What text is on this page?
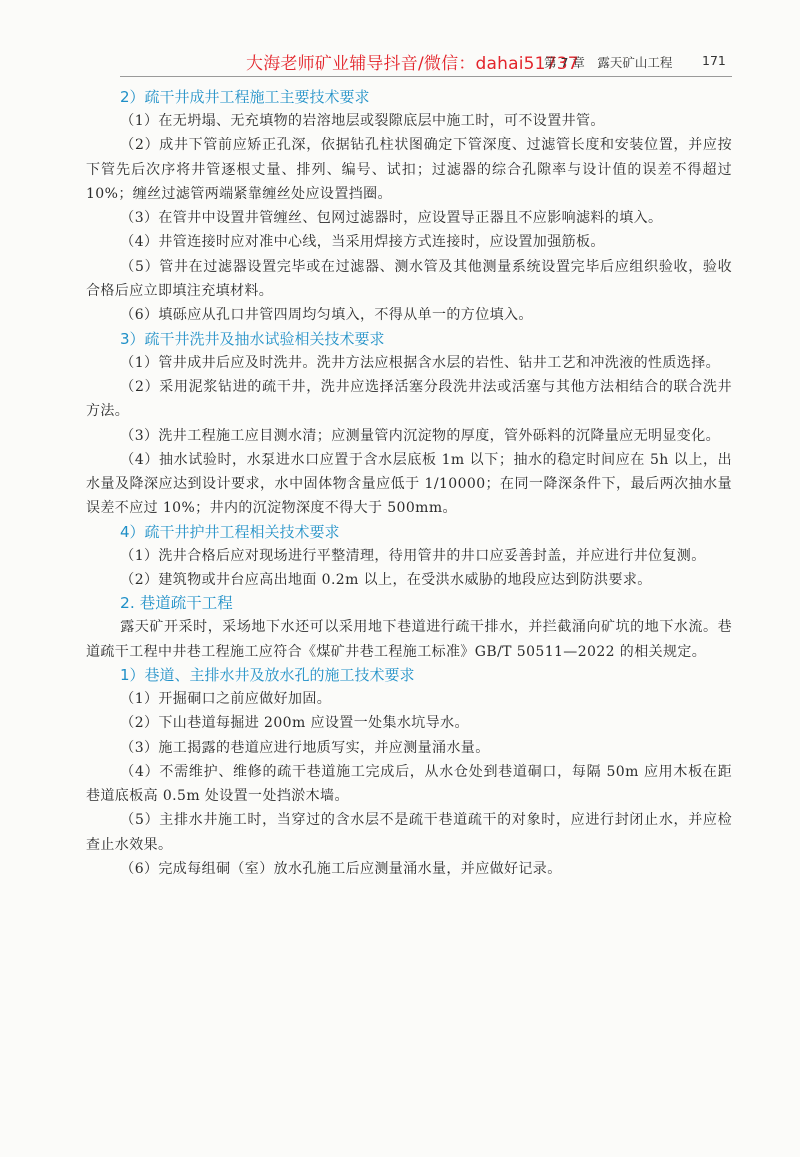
大海老师矿业辅导抖音/微信：dahai51737
第 7 章　露天矿山工程 171

2）疏干井成井工程施工主要技术要求

（1）在无坍塌、无充填物的岩溶地层或裂隙底层中施工时，可不设置井管。

（2）成井下管前应矫正孔深，依据钻孔柱状图确定下管深度、过滤管长度和安装位置，并应按下管先后次序将井管逐根丈量、排列、编号、试扣；过滤器的综合孔隙率与设计值的误差不得超过 10%；缠丝过滤管两端紧靠缠丝处应设置挡圈。

（3）在管井中设置井管缠丝、包网过滤器时，应设置导正器且不应影响滤料的填入。

（4）井管连接时应对准中心线，当采用焊接方式连接时，应设置加强筋板。

（5）管井在过滤器设置完毕或在过滤器、测水管及其他测量系统设置完毕后应组织验收，验收合格后应立即填注充填材料。

（6）填砾应从孔口井管四周均匀填入，不得从单一的方位填入。

3）疏干井洗井及抽水试验相关技术要求

（1）管井成井后应及时洗井。洗井方法应根据含水层的岩性、钻井工艺和冲洗液的性质选择。

（2）采用泥浆钻进的疏干井，洗井应选择活塞分段洗井法或活塞与其他方法相结合的联合洗井方法。

（3）洗井工程施工应目测水清；应测量管内沉淀物的厚度，管外砾料的沉降量应无明显变化。

（4）抽水试验时，水泵进水口应置于含水层底板 1m 以下；抽水的稳定时间应在 5h 以上，出水量及降深应达到设计要求，水中固体物含量应低于 1/10000；在同一降深条件下，最后两次抽水量误差不应过 10%；井内的沉淀物深度不得大于 500mm。

4）疏干井护井工程相关技术要求

（1）洗井合格后应对现场进行平整清理，待用管井的井口应妥善封盖，并应进行井位复测。

（2）建筑物或井台应高出地面 0.2m 以上，在受洪水威胁的地段应达到防洪要求。

2. 巷道疏干工程

露天矿开采时，采场地下水还可以采用地下巷道进行疏干排水，并拦截涌向矿坑的地下水流。巷道疏干工程中井巷工程施工应符合《煤矿井巷工程施工标准》GB/T 50511—2022 的相关规定。

1）巷道、主排水井及放水孔的施工技术要求

（1）开掘硐口之前应做好加固。

（2）下山巷道每掘进 200m 应设置一处集水坑导水。

（3）施工揭露的巷道应进行地质写实，并应测量涌水量。

（4）不需维护、维修的疏干巷道施工完成后，从水仓处到巷道硐口，每隔 50m 应用木板在距巷道底板高 0.5m 处设置一处挡淤木墙。

（5）主排水井施工时，当穿过的含水层不是疏干巷道疏干的对象时，应进行封闭止水，并应检查止水效果。

（6）完成每组硐（室）放水孔施工后应测量涌水量，并应做好记录。
